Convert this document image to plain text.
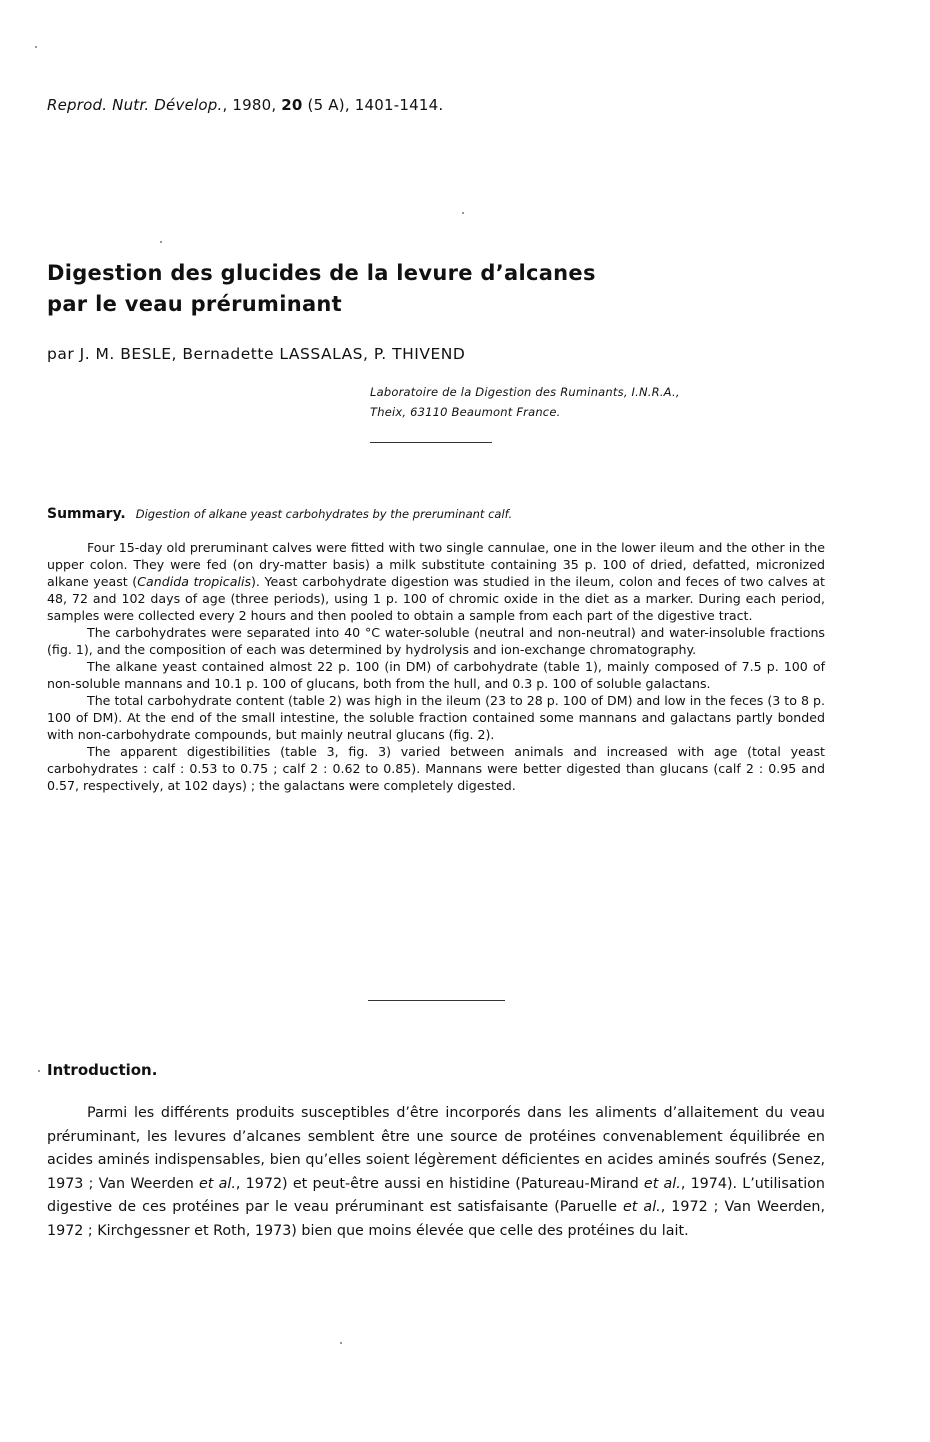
Reprod. Nutr. Dévelop., 1980, 20 (5 A), 1401-1414.
Digestion des glucides de la levure d’alcanes
par le veau préruminant
par J. M. BESLE, Bernadette LASSALAS, P. THIVEND
Laboratoire de la Digestion des Ruminants, I.N.R.A.,
Theix, 63110 Beaumont France.
Summary. Digestion of alkane yeast carbohydrates by the preruminant calf.

Four 15-day old preruminant calves were fitted with two single cannulae, one in the lower ileum and the other in the upper colon. They were fed (on dry-matter basis) a milk substitute containing 35 p. 100 of dried, defatted, micronized alkane yeast (Candida tropicalis). Yeast carbohydrate digestion was studied in the ileum, colon and feces of two calves at 48, 72 and 102 days of age (three periods), using 1 p. 100 of chromic oxide in the diet as a marker. During each period, samples were collected every 2 hours and then pooled to obtain a sample from each part of the digestive tract.

The carbohydrates were separated into 40 °C water-soluble (neutral and non-neutral) and water-insoluble fractions (fig. 1), and the composition of each was determined by hydrolysis and ion-exchange chromatography.

The alkane yeast contained almost 22 p. 100 (in DM) of carbohydrate (table 1), mainly composed of 7.5 p. 100 of non-soluble mannans and 10.1 p. 100 of glucans, both from the hull, and 0.3 p. 100 of soluble galactans.

The total carbohydrate content (table 2) was high in the ileum (23 to 28 p. 100 of DM) and low in the feces (3 to 8 p. 100 of DM). At the end of the small intestine, the soluble fraction contained some mannans and galactans partly bonded with non-carbohydrate compounds, but mainly neutral glucans (fig. 2).

The apparent digestibilities (table 3, fig. 3) varied between animals and increased with age (total yeast carbohydrates : calf : 0.53 to 0.75 ; calf 2 : 0.62 to 0.85). Mannans were better digested than glucans (calf 2 : 0.95 and 0.57, respectively, at 102 days) ; the galactans were completely digested.

Introduction.

Parmi les différents produits susceptibles d’être incorporés dans les aliments d’allaitement du veau préruminant, les levures d’alcanes semblent être une source de protéines convenablement équilibrée en acides aminés indispensables, bien qu’elles soient légèrement déficientes en acides aminés soufrés (Senez, 1973 ; Van Weerden et al., 1972) et peut-être aussi en histidine (Patureau-Mirand et al., 1974). L’utilisation digestive de ces protéines par le veau préruminant est satisfaisante (Paruelle et al., 1972 ; Van Weerden, 1972 ; Kirchgessner et Roth, 1973) bien que moins élevée que celle des protéines du lait.
